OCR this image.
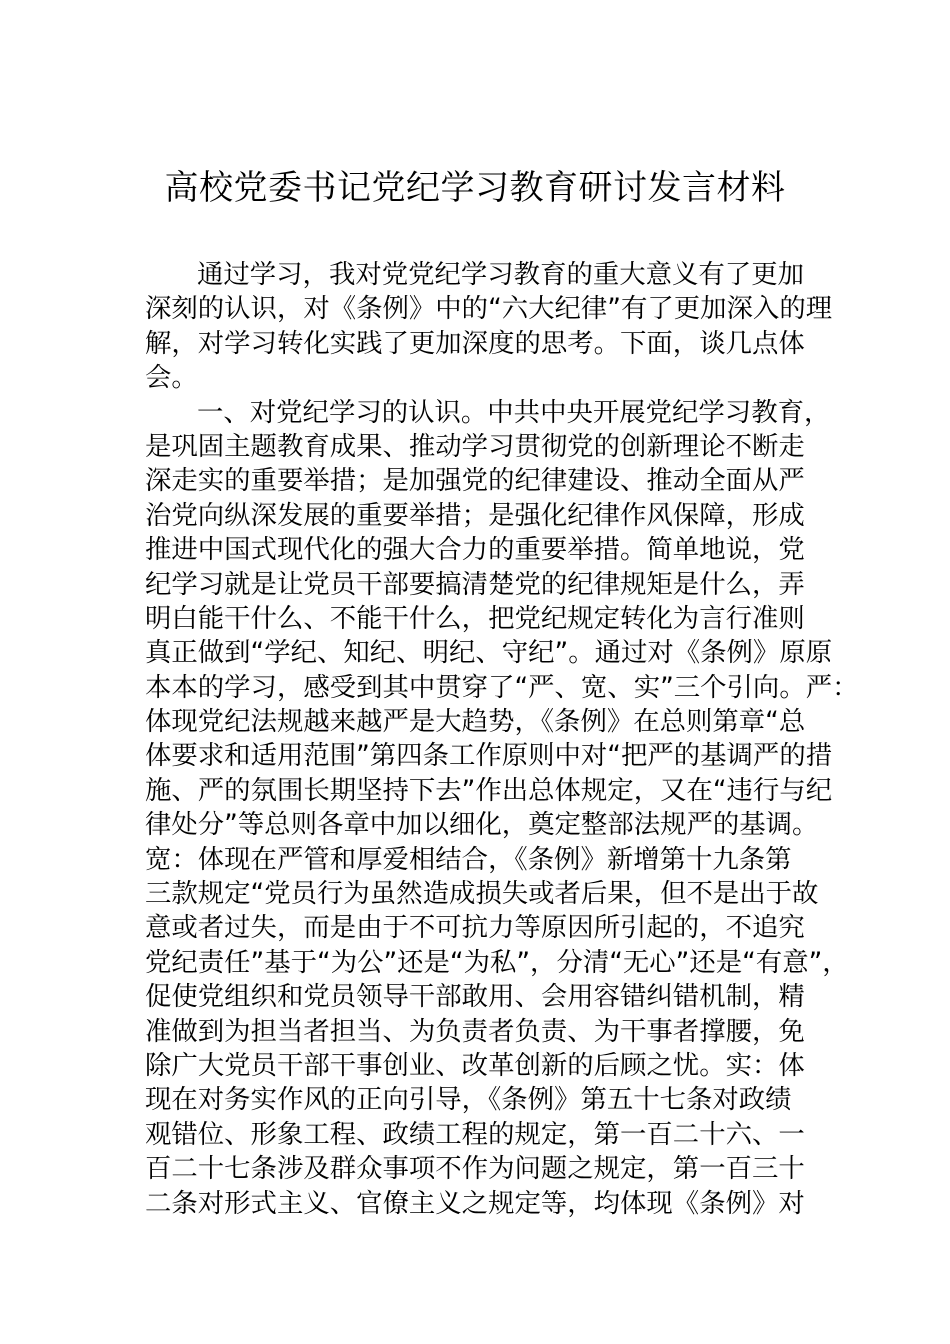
高校党委书记党纪学习教育研讨发言材料
通过学习，我对党党纪学习教育的重大意义有了更加
深刻的认识，对《条例》中的“六大纪律”有了更加深入的理
解，对学习转化实践了更加深度的思考。下面，谈几点体
会。
一、对党纪学习的认识。中共中央开展党纪学习教育，
是巩固主题教育成果、推动学习贯彻党的创新理论不断走
深走实的重要举措；是加强党的纪律建设、推动全面从严
治党向纵深发展的重要举措；是强化纪律作风保障，形成
推进中国式现代化的强大合力的重要举措。简单地说，党
纪学习就是让党员干部要搞清楚党的纪律规矩是什么，弄
明白能干什么、不能干什么，把党纪规定转化为言行准则
真正做到“学纪、知纪、明纪、守纪”。通过对《条例》原原
本本的学习，感受到其中贯穿了“严、宽、实”三个引向。严：
体现党纪法规越来越严是大趋势，《条例》在总则第章“总
体要求和适用范围”第四条工作原则中对“把严的基调严的措
施、严的氛围长期坚持下去”作出总体规定，又在“违行与纪
律处分”等总则各章中加以细化，奠定整部法规严的基调。
宽：体现在严管和厚爱相结合，《条例》新增第十九条第
三款规定“党员行为虽然造成损失或者后果，但不是出于故
意或者过失，而是由于不可抗力等原因所引起的，不追究
党纪责任”基于“为公”还是“为私”，分清“无心”还是“有意”，
促使党组织和党员领导干部敢用、会用容错纠错机制，精
准做到为担当者担当、为负责者负责、为干事者撑腰，免
除广大党员干部干事创业、改革创新的后顾之忧。实：体
现在对务实作风的正向引导，《条例》第五十七条对政绩
观错位、形象工程、政绩工程的规定，第一百二十六、一
百二十七条涉及群众事项不作为问题之规定，第一百三十
二条对形式主义、官僚主义之规定等，均体现《条例》对
